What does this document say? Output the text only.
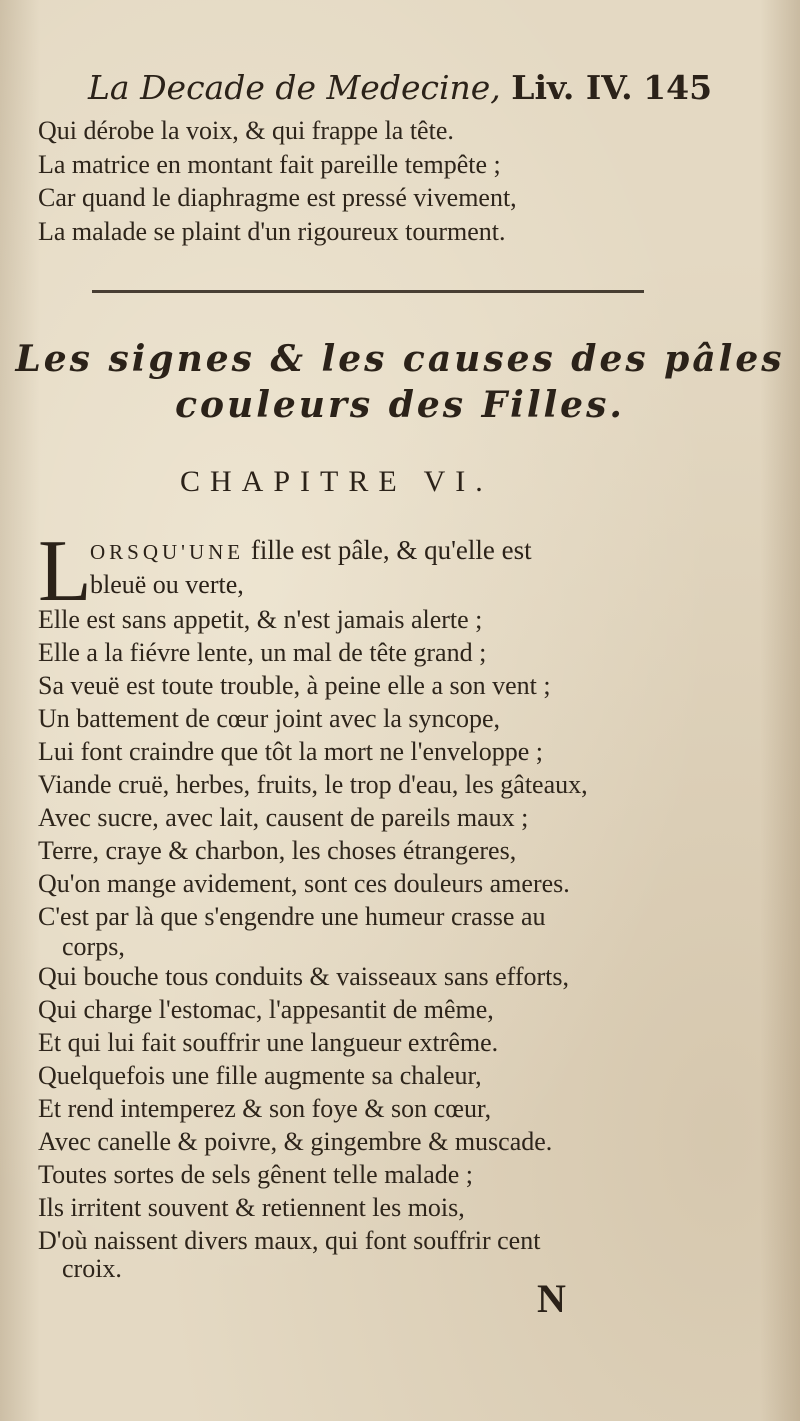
La Decade de Medecine, Liv. IV. 145
Qui dérobe la voix, & qui frappe la tête.
La matrice en montant fait pareille tempête ;
Car quand le diaphragme est pressé vivement,
La malade se plaint d'un rigoureux tourment.
Les signes & les causes des pâles
couleurs des Filles.
CHAPITRE VI.
L
ORSQU'UNE fille est pâle, & qu'elle est
bleuë ou verte,
Elle est sans appetit, & n'est jamais alerte ;
Elle a la fiévre lente, un mal de tête grand ;
Sa veuë est toute trouble, à peine elle a son vent ;
Un battement de cœur joint avec la syncope,
Lui font craindre que tôt la mort ne l'enveloppe ;
Viande cruë, herbes, fruits, le trop d'eau, les gâteaux,
Avec sucre, avec lait, causent de pareils maux ;
Terre, craye & charbon, les choses étrangeres,
Qu'on mange avidement, sont ces douleurs ameres.
C'est par là que s'engendre une humeur crasse au
corps,
Qui bouche tous conduits & vaisseaux sans efforts,
Qui charge l'estomac, l'appesantit de même,
Et qui lui fait souffrir une langueur extrême.
Quelquefois une fille augmente sa chaleur,
Et rend intemperez & son foye & son cœur,
Avec canelle & poivre, & gingembre & muscade.
Toutes sortes de sels gênent telle malade ;
Ils irritent souvent & retiennent les mois,
D'où naissent divers maux, qui font souffrir cent
croix.
N
